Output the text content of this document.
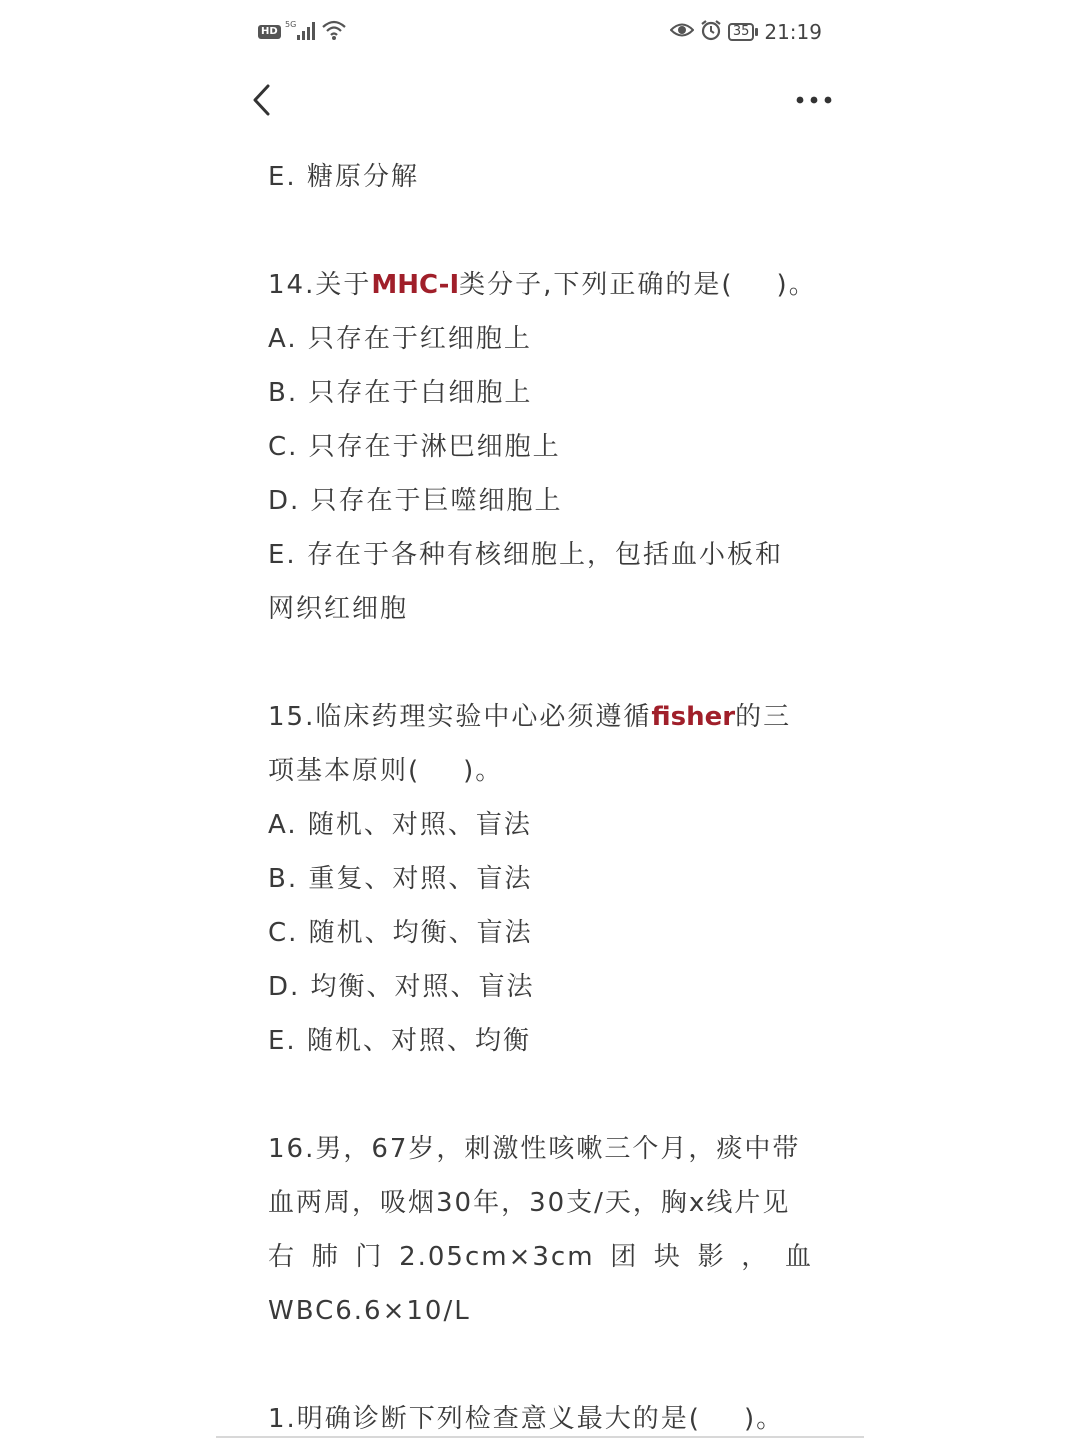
HD
5G	35 21:19
E. 糖原分解
14.关于MHC-I类分子,下列正确的是(　 )。
A. 只存在于红细胞上
B. 只存在于白细胞上
C. 只存在于淋巴细胞上
D. 只存在于巨噬细胞上
E. 存在于各种有核细胞上，包括血小板和
网织红细胞
15.临床药理实验中心必须遵循fisher的三
项基本原则(　 )。
A. 随机、对照、盲法
B. 重复、对照、盲法
C. 随机、均衡、盲法
D. 均衡、对照、盲法
E. 随机、对照、均衡
16.男，67岁，刺激性咳嗽三个月，痰中带
血两周，吸烟30年，30支/天，胸x线片见
右 肺 门 2.05cm×3cm 团 块 影 ， 血
WBC6.6×10/L
1.明确诊断下列检查意义最大的是(　 )。
